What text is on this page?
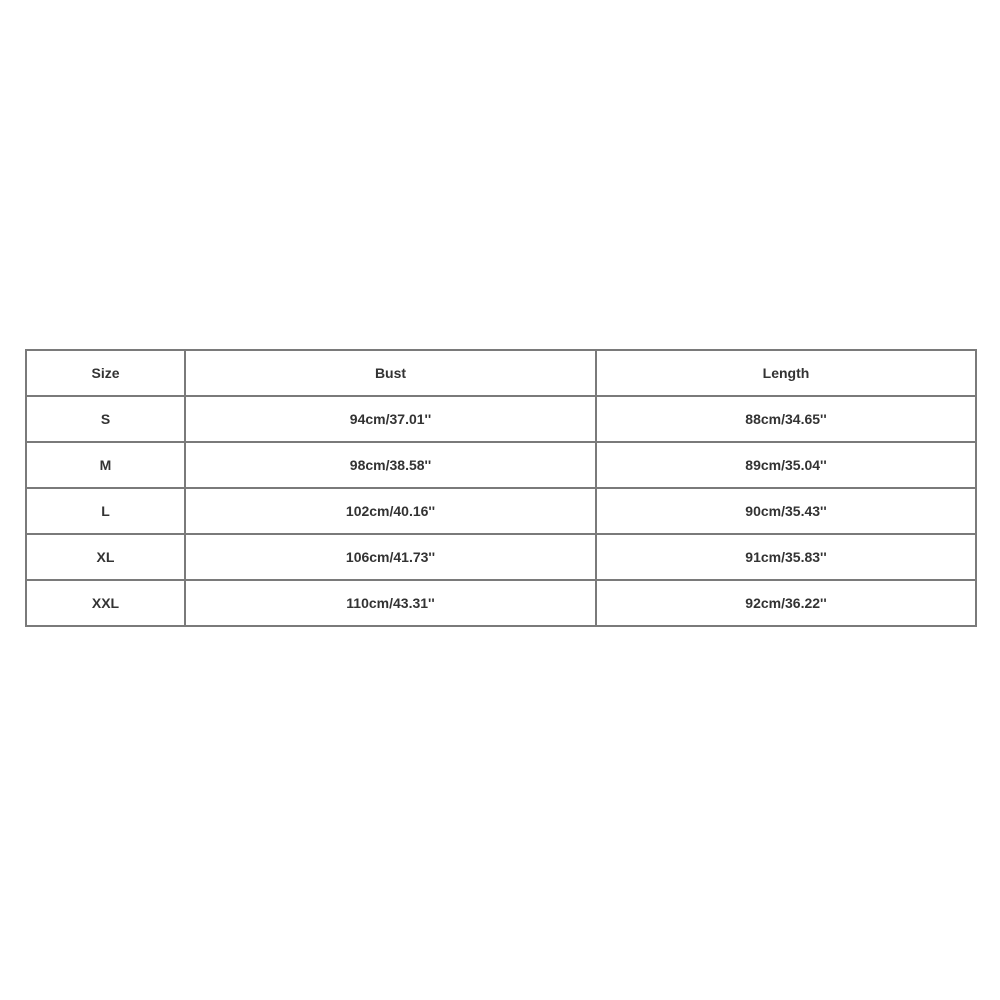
Size	Bust	Length
S	94cm/37.01''	88cm/34.65''
M	98cm/38.58''	89cm/35.04''
L	102cm/40.16''	90cm/35.43''
XL	106cm/41.73''	91cm/35.83''
XXL	110cm/43.31''	92cm/36.22''
